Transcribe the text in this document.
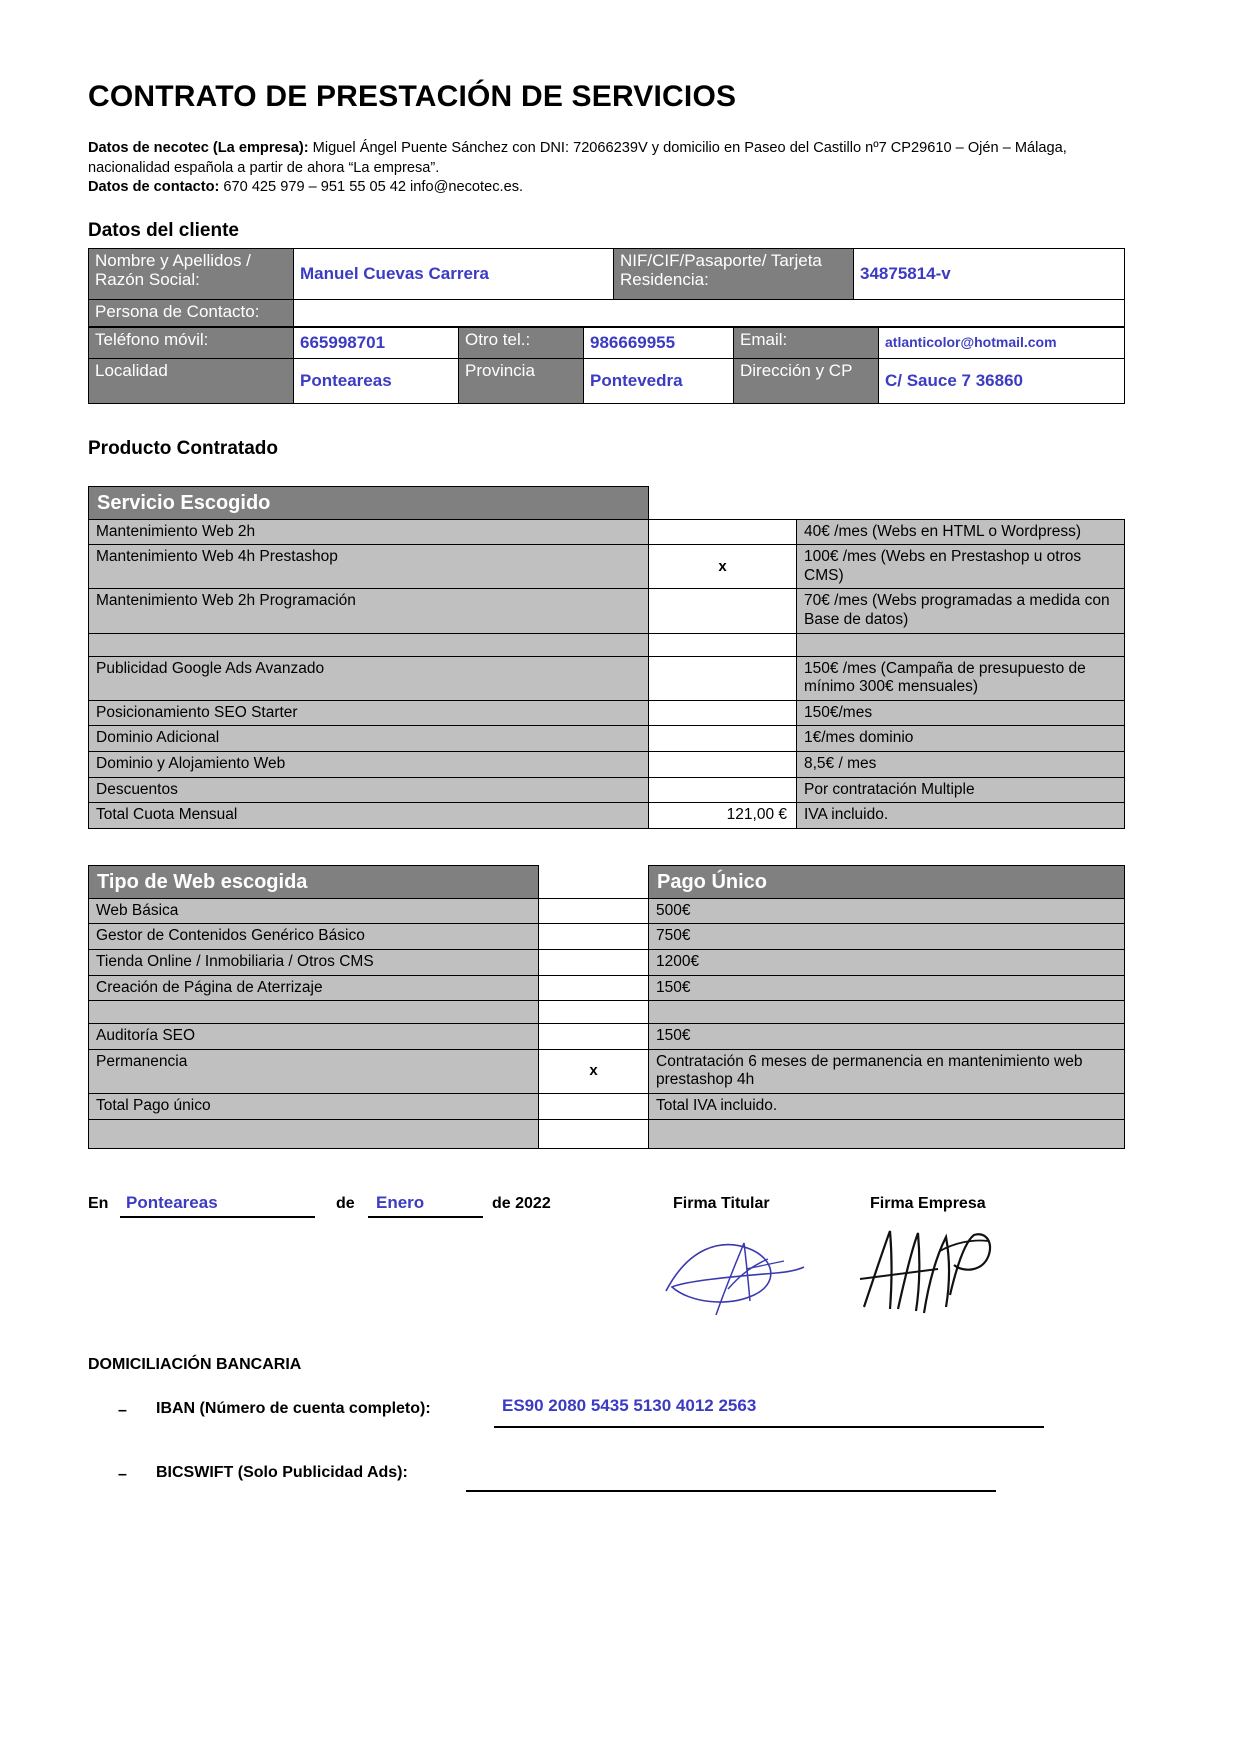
CONTRATO DE PRESTACIÓN DE SERVICIOS
Datos de necotec (La empresa): Miguel Ángel Puente Sánchez con DNI: 72066239V y domicilio en Paseo del Castillo nº7 CP29610 – Ojén – Málaga, nacionalidad española a partir de ahora “La empresa”.
Datos de contacto: 670 425 979 – 951 55 05 42 info@necotec.es.
Datos del cliente
Nombre y Apellidos / Razón Social:	Manuel Cuevas Carrera	NIF/CIF/Pasaporte/ Tarjeta Residencia:	34875814-v
Persona de Contacto:			
Teléfono móvil:	665998701	Otro tel.:	986669955	Email:	atlanticolor@hotmail.com
Localidad	Ponteareas	Provincia	Pontevedra	Dirección y CP	C/ Sauce 7 36860
Producto Contratado
Servicio Escogido		
Mantenimiento Web 2h		40€ /mes (Webs en HTML o Wordpress)
Mantenimiento Web 4h Prestashop	x	100€ /mes (Webs en Prestashop u otros CMS)
Mantenimiento Web 2h Programación		70€ /mes (Webs programadas a medida con Base de datos)

Publicidad Google Ads Avanzado		150€ /mes (Campaña de presupuesto de mínimo 300€ mensuales)
Posicionamiento SEO Starter		150€/mes
Dominio Adicional		1€/mes dominio
Dominio y Alojamiento Web		8,5€ / mes
Descuentos		Por contratación Multiple
Total Cuota Mensual	121,00 €	IVA incluido.
Tipo de Web escogida		Pago Único
Web Básica		500€
Gestor de Contenidos Genérico Básico		750€
Tienda Online / Inmobiliaria / Otros CMS		1200€
Creación de Página de Aterrizaje		150€

Auditoría SEO		150€
Permanencia	x	Contratación 6 meses de permanencia en mantenimiento web prestashop 4h
Total Pago único		Total IVA incluido.

En	Ponteareas	de	Enero	de 2022	Firma Titular	Firma Empresa
DOMICILIACIÓN BANCARIA
– IBAN (Número de cuenta completo):	ES90 2080 5435 5130 4012 2563
– BICSWIFT (Solo Publicidad Ads):
